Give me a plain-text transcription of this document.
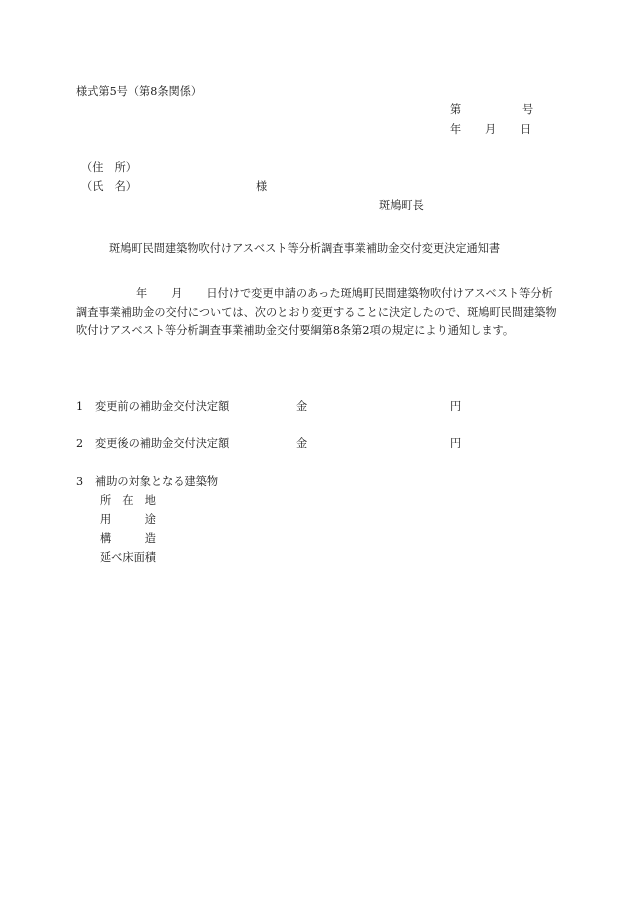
様式第5号（第8条関係）
第	号
年 月 日
（住　所）
（氏　名）	様
斑鳩町長
斑鳩町民間建築物吹付けアスベスト等分析調査事業補助金交付変更決定通知書
年 月 日付けで変更申請のあった斑鳩町民間建築物吹付けアスベスト等分析調査事業補助金の交付については、次のとおり変更することに決定したので、斑鳩町民間建築物吹付けアスベスト等分析調査事業補助金交付要綱第8条第2項の規定により通知します。
1 変更前の補助金交付決定額	金	円
2 変更後の補助金交付決定額	金	円
3 補助の対象となる建築物
所　在　地
用　　　途
構　　　造
延べ床面積
